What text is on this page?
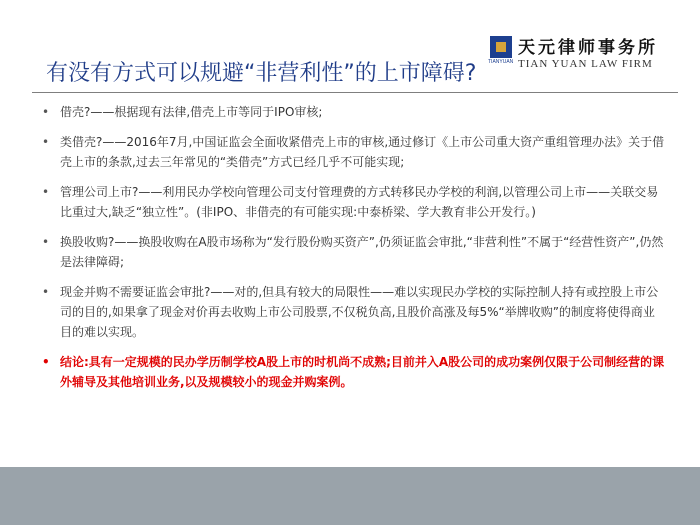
TIANYUAN
天元律师事务所
TIAN YUAN LAW FIRM
有没有方式可以规避“非营利性”的上市障碍?
• 借壳?——根据现有法律,借壳上市等同于IPO审核;
• 类借壳?——2016年7月,中国证监会全面收紧借壳上市的审核,通过修订《上市公司重大资产重组管理办法》关于借壳上市的条款,过去三年常见的“类借壳”方式已经几乎不可能实现;
• 管理公司上市?——利用民办学校向管理公司支付管理费的方式转移民办学校的利润,以管理公司上市——关联交易比重过大,缺乏“独立性”。(非IPO、非借壳的有可能实现:中泰桥梁、学大教育非公开发行。)
• 换股收购?——换股收购在A股市场称为“发行股份购买资产”,仍须证监会审批,“非营利性”不属于“经营性资产”,仍然是法律障碍;
• 现金并购不需要证监会审批?——对的,但具有较大的局限性——难以实现民办学校的实际控制人持有或控股上市公司的目的,如果拿了现金对价再去收购上市公司股票,不仅税负高,且股价高涨及每5%“举牌收购”的制度将使得商业目的难以实现。
• 结论:具有一定规模的民办学历制学校A股上市的时机尚不成熟;目前并入A股公司的成功案例仅限于公司制经营的课外辅导及其他培训业务,以及规模较小的现金并购案例。
